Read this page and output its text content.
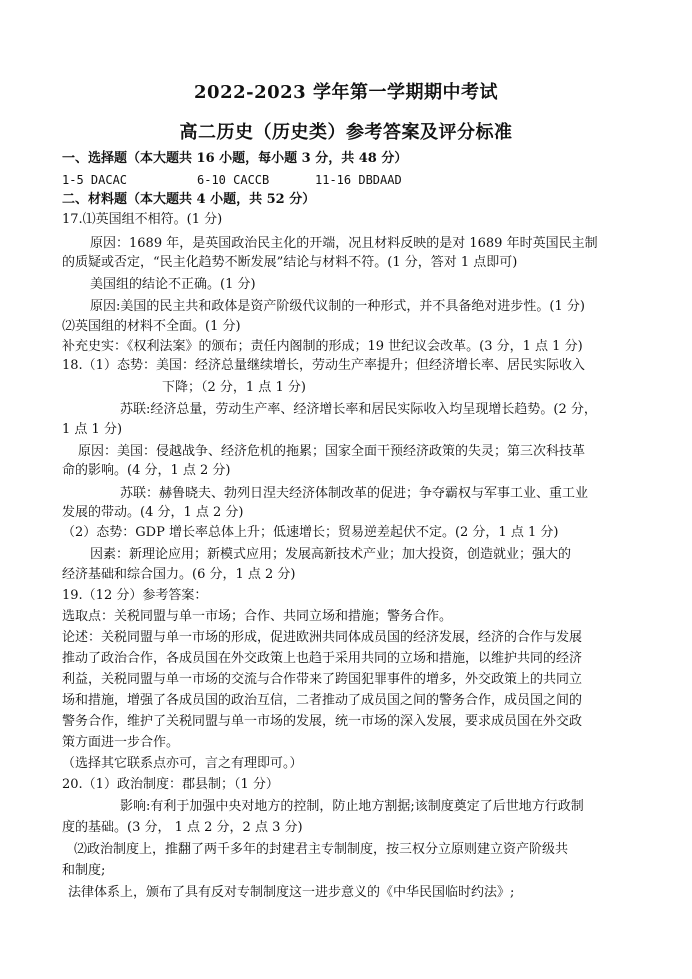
2022-2023 学年第一学期期中考试
高二历史（历史类）参考答案及评分标准
一、选择题（本大题共 16 小题，每小题 3 分，共 48 分）
1-5 DACAC	6-10 CACCB	11-16 DBDAAD
二、材料题（本大题共 4 小题，共 52 分）
17.⑴英国组不相符。(1 分)
原因：1689 年，是英国政治民主化的开端，况且材料反映的是对 1689 年时英国民主制
的质疑或否定，“民主化趋势不断发展”结论与材料不符。(1 分，答对 1 点即可)
美国组的结论不正确。(1 分)
原因:美国的民主共和政体是资产阶级代议制的一种形式，并不具备绝对进步性。(1 分)
⑵英国组的材料不全面。(1 分)
补充史实：《权利法案》的颁布；责任内阁制的形成；19 世纪议会改革。(3 分，1 点 1 分)
18.（1）态势：美国：经济总量继续增长，劳动生产率提升；但经济增长率、居民实际收入
下降；（2 分，1 点 1 分)
苏联:经济总量，劳动生产率、经济增长率和居民实际收入均呈现增长趋势。(2 分，
1 点 1 分)
原因：美国：侵越战争、经济危机的拖累；国家全面干预经济政策的失灵；第三次科技革
命的影响。(4 分，1 点 2 分)
苏联：赫鲁晓夫、勃列日涅夫经济体制改革的促进；争夺霸权与军事工业、重工业
发展的带动。(4 分，1 点 2 分)
（2）态势：GDP 增长率总体上升；低速增长；贸易逆差起伏不定。(2 分，1 点 1 分)
因素：新理论应用；新模式应用；发展高新技术产业；加大投资，创造就业；强大的
经济基础和综合国力。(6 分，1 点 2 分)
19.（12 分）参考答案：
选取点：关税同盟与单一市场；合作、共同立场和措施；警务合作。
论述：关税同盟与单一市场的形成，促进欧洲共同体成员国的经济发展，经济的合作与发展
推动了政治合作，各成员国在外交政策上也趋于采用共同的立场和措施，以维护共同的经济
利益，关税同盟与单一市场的交流与合作带来了跨国犯罪事件的增多，外交政策上的共同立
场和措施，增强了各成员国的政治互信，二者推动了成员国之间的警务合作，成员国之间的
警务合作，维护了关税同盟与单一市场的发展，统一市场的深入发展，要求成员国在外交政
策方面进一步合作。
（选择其它联系点亦可，言之有理即可。）
20.（1）政治制度：郡县制；（1 分）
影响:有利于加强中央对地方的控制，防止地方割据;该制度奠定了后世地方行政制
度的基础。(3 分， 1 点 2 分，2 点 3 分)
⑵政治制度上，推翻了两千多年的封建君主专制制度，按三权分立原则建立资产阶级共
和制度;
法律体系上，颁布了具有反对专制制度这一进步意义的《中华民国临时约法》;
